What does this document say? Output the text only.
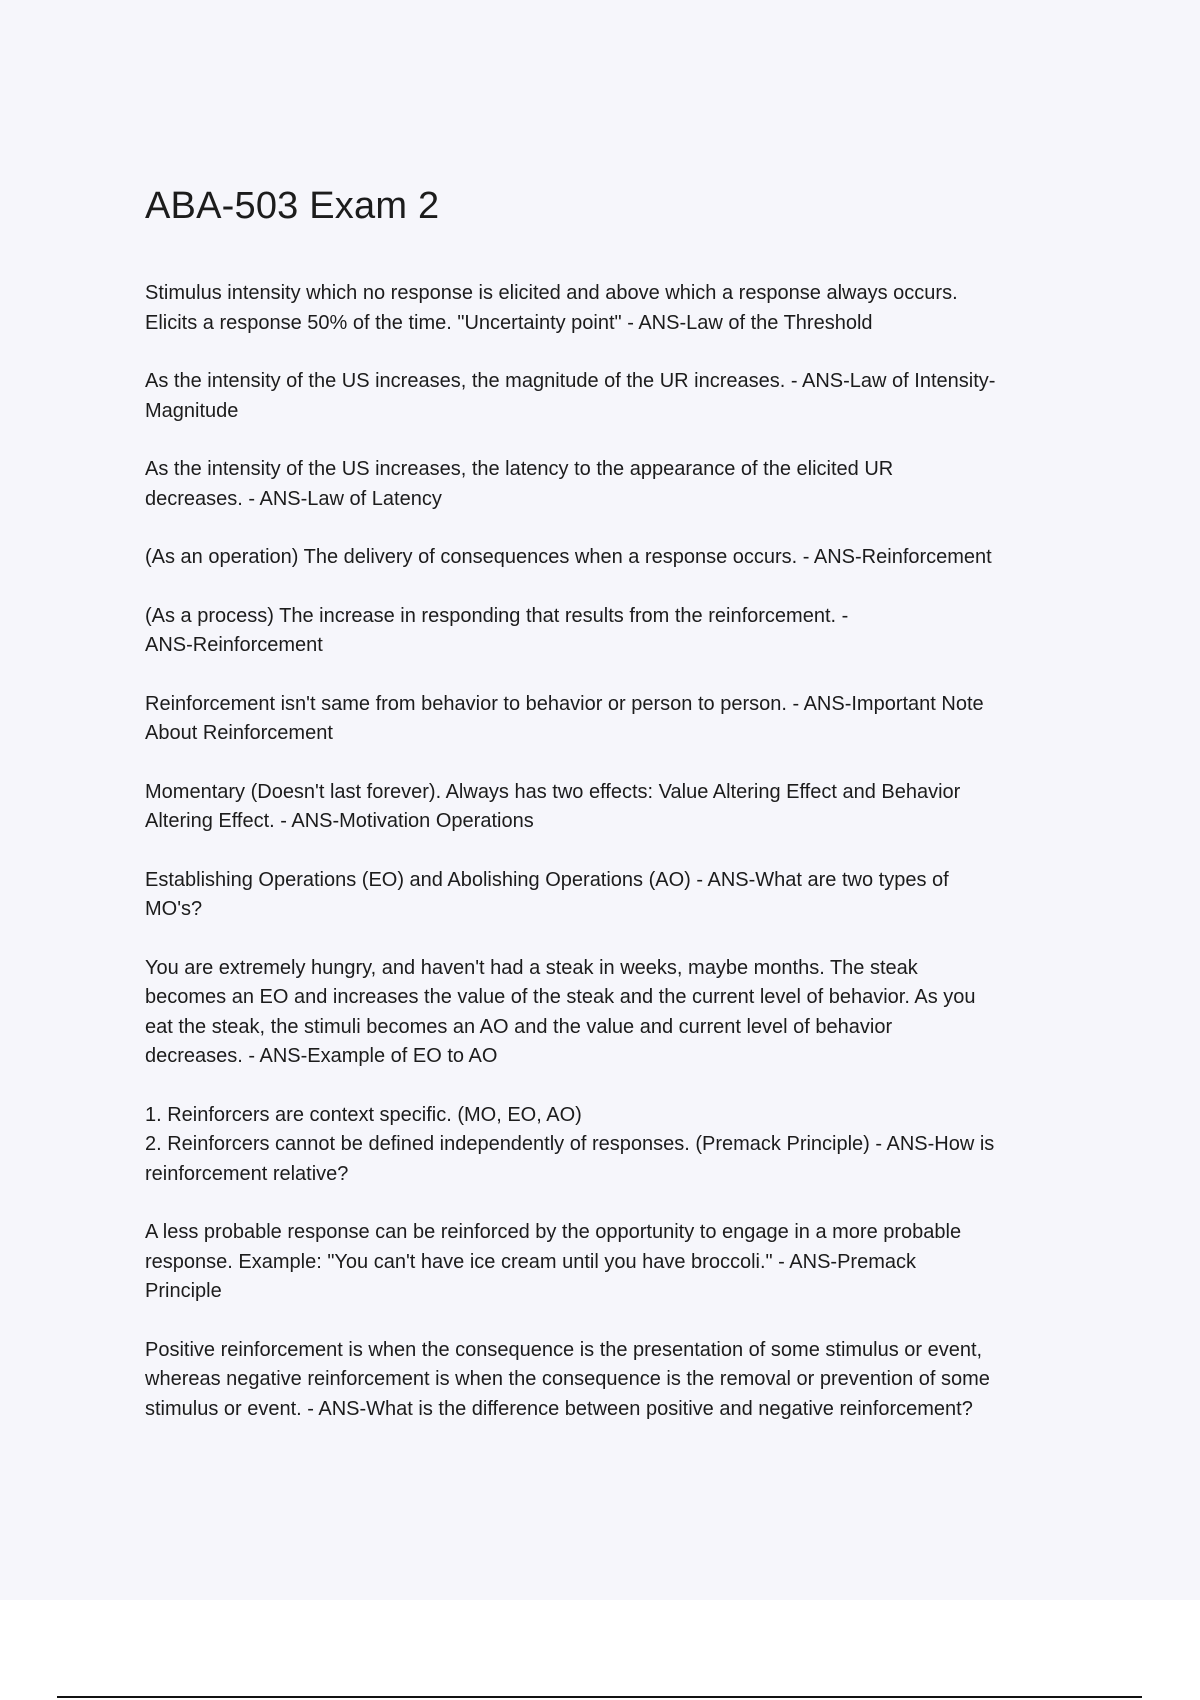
ABA-503 Exam 2
Stimulus intensity which no response is elicited and above which a response always occurs.
Elicits a response 50% of the time. "Uncertainty point" - ANS-Law of the Threshold
As the intensity of the US increases, the magnitude of the UR increases. - ANS-Law of Intensity-
Magnitude
As the intensity of the US increases, the latency to the appearance of the elicited UR
decreases. - ANS-Law of Latency
(As an operation) The delivery of consequences when a response occurs. - ANS-Reinforcement
(As a process) The increase in responding that results from the reinforcement. -
ANS-Reinforcement
Reinforcement isn't same from behavior to behavior or person to person. - ANS-Important Note
About Reinforcement
Momentary (Doesn't last forever). Always has two effects: Value Altering Effect and Behavior
Altering Effect. - ANS-Motivation Operations
Establishing Operations (EO) and Abolishing Operations (AO) - ANS-What are two types of
MO's?
You are extremely hungry, and haven't had a steak in weeks, maybe months. The steak
becomes an EO and increases the value of the steak and the current level of behavior. As you
eat the steak, the stimuli becomes an AO and the value and current level of behavior
decreases. - ANS-Example of EO to AO
1. Reinforcers are context specific. (MO, EO, AO)
2. Reinforcers cannot be defined independently of responses. (Premack Principle) - ANS-How is
reinforcement relative?
A less probable response can be reinforced by the opportunity to engage in a more probable
response. Example: "You can't have ice cream until you have broccoli." - ANS-Premack
Principle
Positive reinforcement is when the consequence is the presentation of some stimulus or event,
whereas negative reinforcement is when the consequence is the removal or prevention of some
stimulus or event. - ANS-What is the difference between positive and negative reinforcement?
